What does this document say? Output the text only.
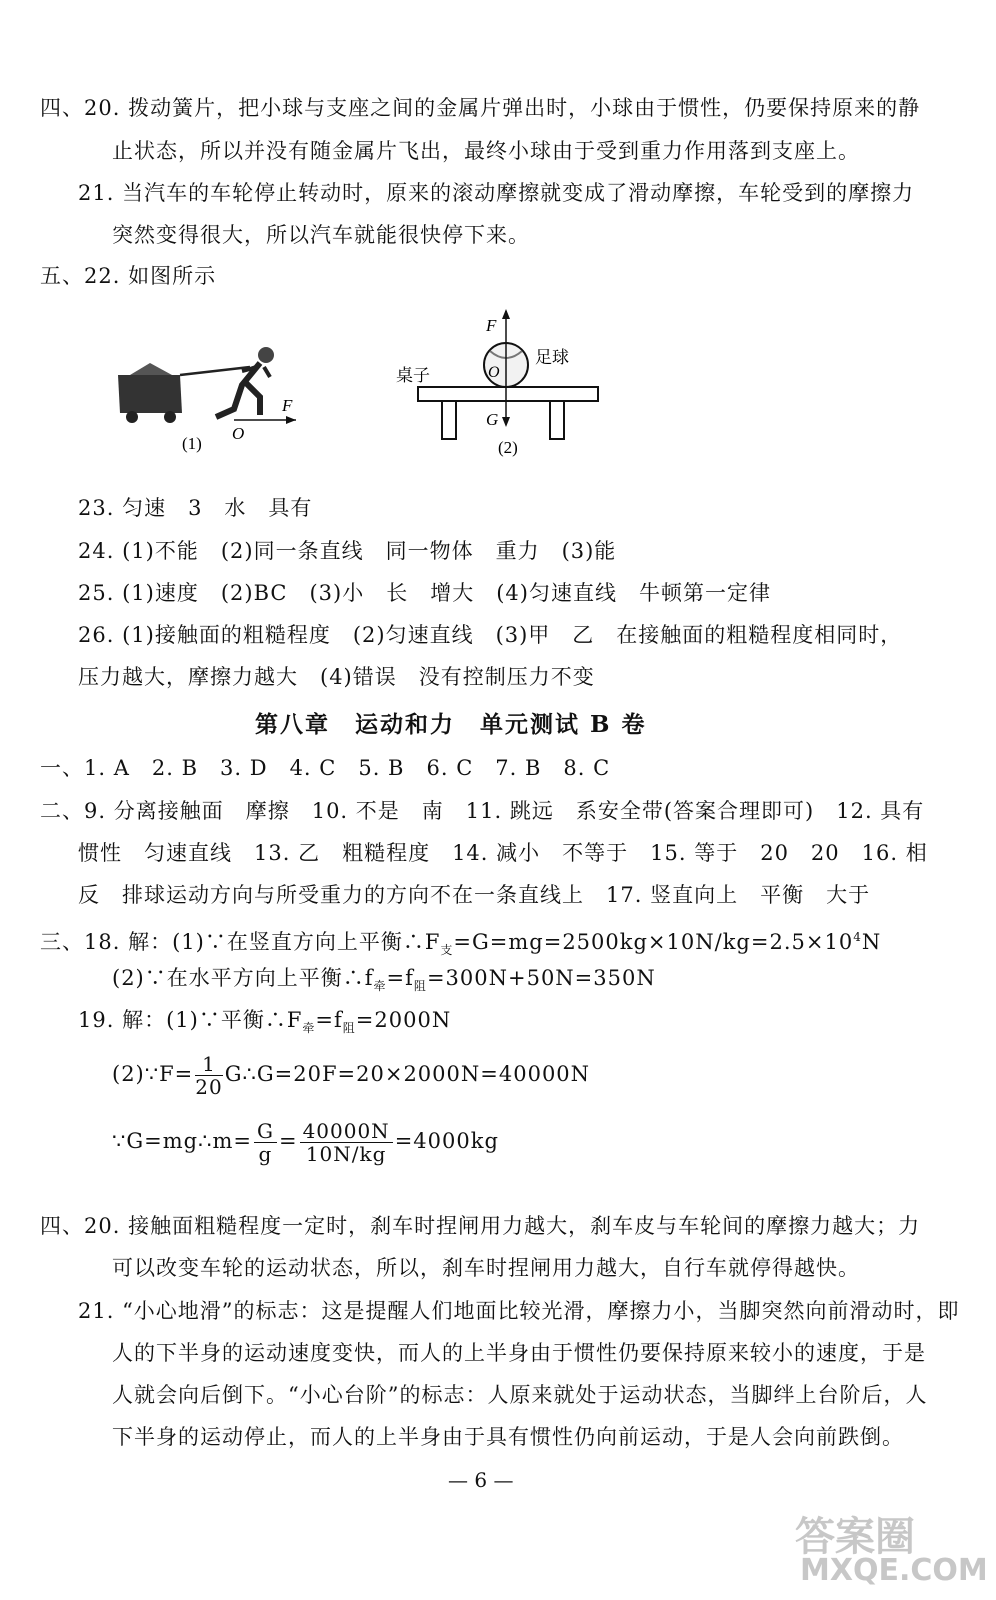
四、20. 拨动簧片，把小球与支座之间的金属片弹出时，小球由于惯性，仍要保持原来的静
止状态，所以并没有随金属片飞出，最终小球由于受到重力作用落到支座上。
21. 当汽车的车轮停止转动时，原来的滚动摩擦就变成了滑动摩擦，车轮受到的摩擦力
突然变得很大，所以汽车就能很快停下来。
五、22. 如图所示
F
O
(1)
F
G
O
桌子
足球
(2)
23. 匀速　3　水　具有
24. (1)不能　(2)同一条直线　同一物体　重力　(3)能
25. (1)速度　(2)BC　(3)小　长　增大　(4)匀速直线　牛顿第一定律
26. (1)接触面的粗糙程度　(2)匀速直线　(3)甲　乙　在接触面的粗糙程度相同时，
压力越大，摩擦力越大　(4)错误　没有控制压力不变
第八章　运动和力　单元测试 B 卷
一、1. A　2. B　3. D　4. C　5. B　6. C　7. B　8. C
二、9. 分离接触面　摩擦　10. 不是　南　11. 跳远　系安全带(答案合理即可)　12. 具有
惯性　匀速直线　13. 乙　粗糙程度　14. 减小　不等于　15. 等于　20　20　16. 相
反　排球运动方向与所受重力的方向不在一条直线上　17. 竖直向上　平衡　大于
三、18. 解：(1)∵在竖直方向上平衡$\therefore F_支=G=mg=2500kg\times 10N/kg=2.5\times 10^4N$
(2)∵在水平方向上平衡$\therefore f_牵=f_阻=300N+50N=350N$
19. 解：(1)∵平衡$\therefore F_牵=f_阻=2000N$
(2)∵F= $\frac{1}{20}$ G∴G=20F=20×2000N=40000N
∵G=mg∴m= $\frac{G}{g} = \frac{40000N}{10N/kg} =4000kg$
四、20. 接触面粗糙程度一定时，刹车时捏闸用力越大，刹车皮与车轮间的摩擦力越大；力
可以改变车轮的运动状态，所以，刹车时捏闸用力越大，自行车就停得越快。
21. “小心地滑”的标志：这是提醒人们地面比较光滑，摩擦力小，当脚突然向前滑动时，即
人的下半身的运动速度变快，而人的上半身由于惯性仍要保持原来较小的速度，于是
人就会向后倒下。“小心台阶”的标志：人原来就处于运动状态，当脚绊上台阶后，人
下半身的运动停止，而人的上半身由于具有惯性仍向前运动，于是人会向前跌倒。
— 6 —
答案圈
MXQE.COM
